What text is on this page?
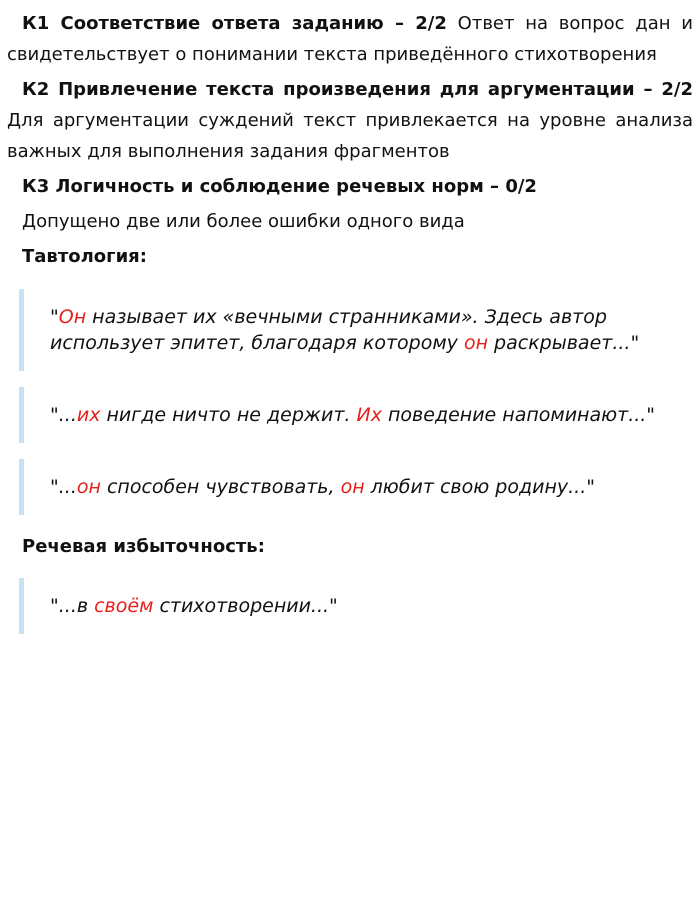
К1 Соответствие ответа заданию – 2/2 Ответ на вопрос дан и свидетельствует о понимании текста приведённого стихотворения

К2 Привлечение текста произведения для аргументации – 2/2 Для аргументации суждений текст привлекается на уровне анализа важных для выполнения задания фрагментов

К3 Логичность и соблюдение речевых норм – 0/2

Допущено две или более ошибки одного вида

Тавтология:

"Он называет их «вечными странниками». Здесь автор использует эпитет, благодаря которому он раскрывает..."
"...их нигде ничто не держит. Их поведение напоминают..."
"...он способен чувствовать, он любит свою родину..."

Речевая избыточность:

"...в своём стихотворении..."
